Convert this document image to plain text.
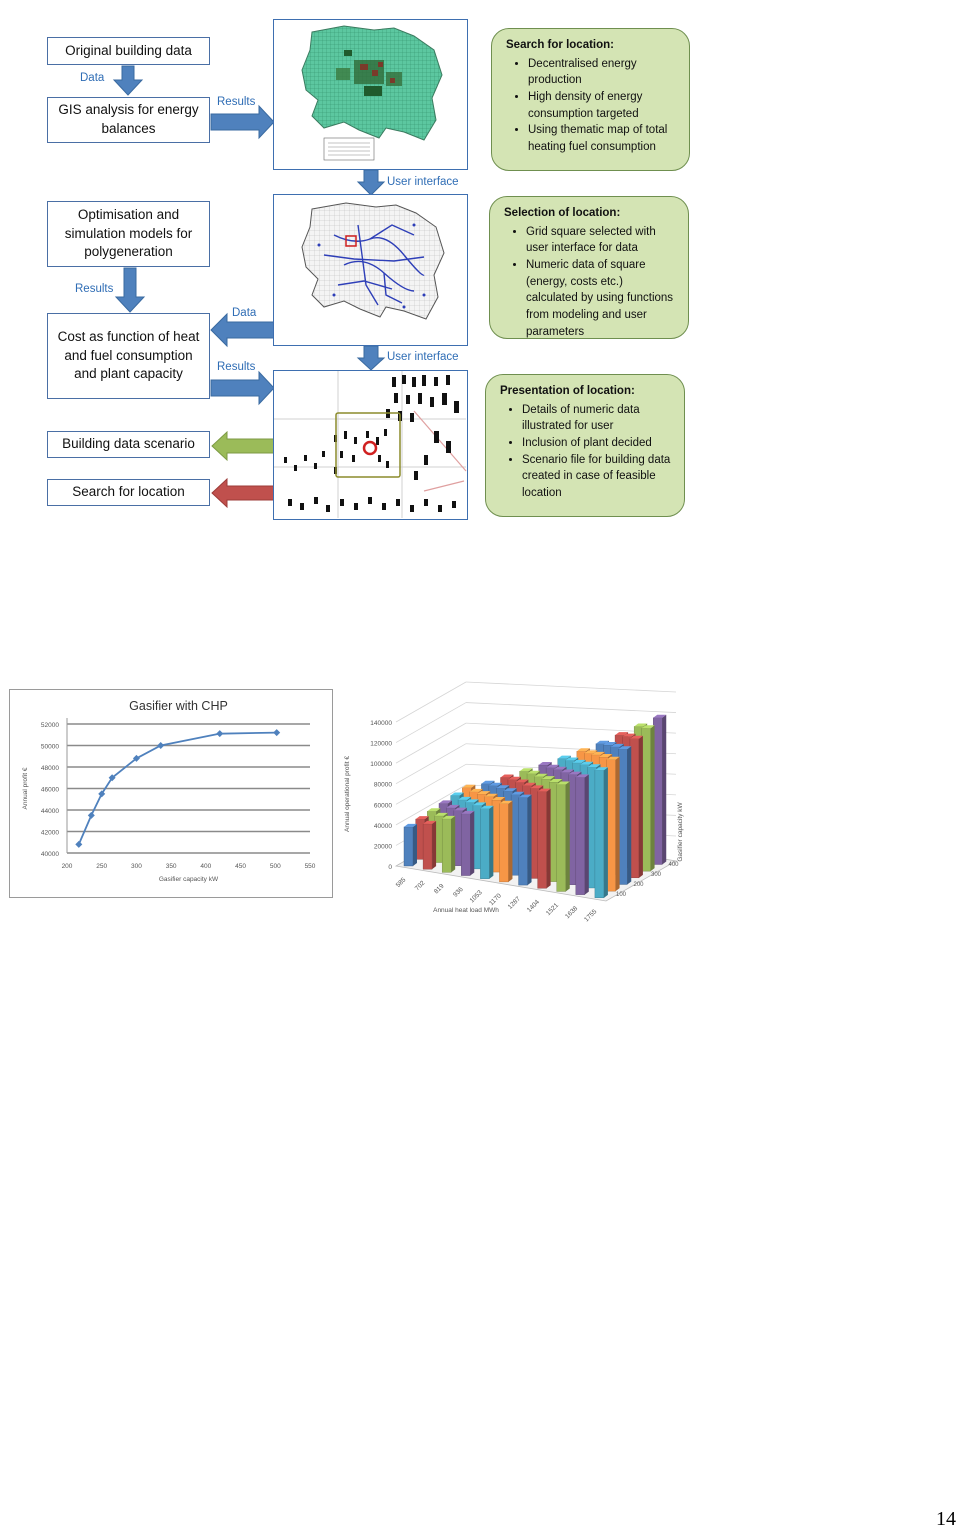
Original building data
GIS analysis for energy balances
Optimisation and simulation models for polygeneration
Cost as function of heat and fuel consumption and plant capacity
Building data scenario
Search for location
Data
Results
User interface
Results
Data
User interface
Results
Search for location:
• Decentralised energy production
• High density of energy consumption targeted
• Using thematic map of total heating fuel consumption
Selection of location:
• Grid square selected with user interface for data
• Numeric data of square (energy, costs etc.) calculated by using functions from modeling and user parameters
Presentation of location:
• Details of numeric data illustrated for user
• Inclusion of plant decided
• Scenario file for building data created in case of feasible location
Gasifier with CHP
40000
42000
44000
46000
48000
50000
52000
200	250	300	350	400	450	500	550
Gasifier capacity kW
Annual profit €
0
20000
40000
60000
80000
100000
120000
140000
Annual operational profit €
585 702 819 936 1053 1170 1287 1404 1521 1638 1755
Annual heat load MWh
100
200
300
400
Gasifier capacity kW
14
